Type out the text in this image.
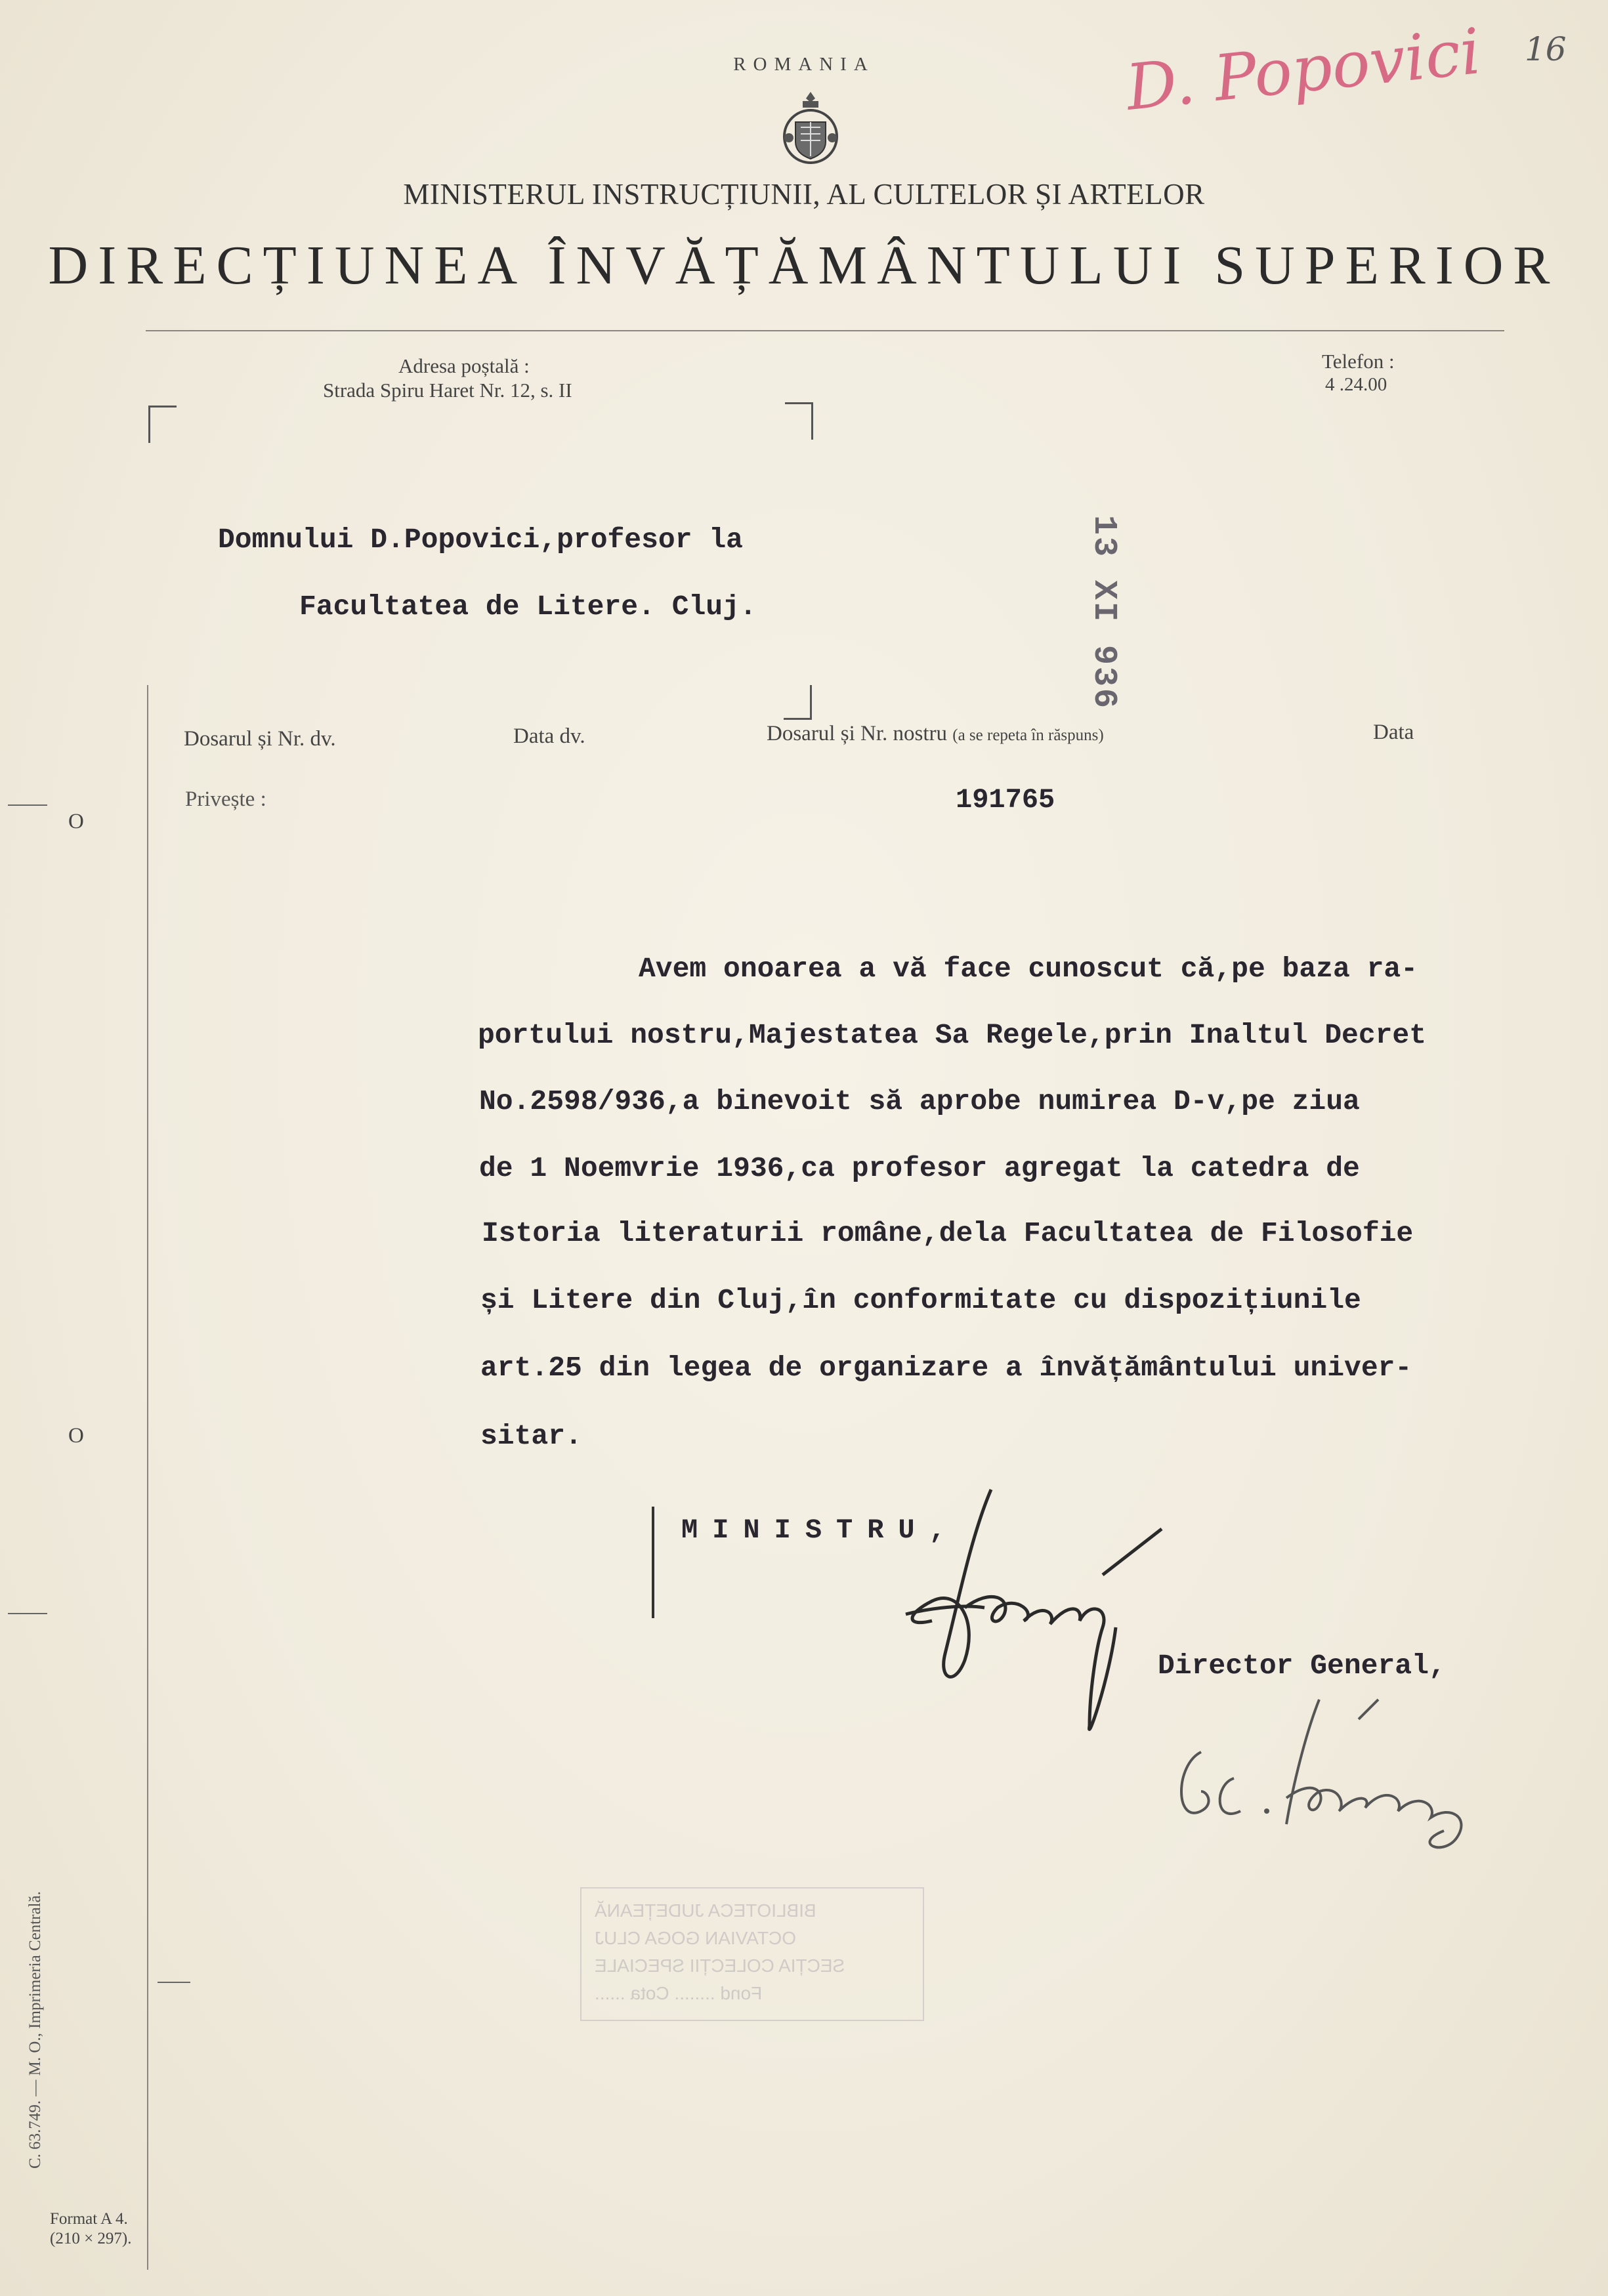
ROMANIA
MINISTERUL INSTRUCȚIUNII, AL CULTELOR ȘI ARTELOR
DIRECȚIUNEA ÎNVĂȚĂMÂNTULUI SUPERIOR
Adresa poștală :
Strada Spiru Haret Nr. 12, s. II
Telefon :
4 .24.00
D. Popovici 16
Domnului D.Popovici,profesor la
Facultatea de Litere. Cluj.	13 XI 936
Dosarul și Nr. dv.	Data dv.	Dosarul și Nr. nostru (a se repeta în răspuns)	Data
Privește :	191765
Avem onoarea a vă face cunoscut că,pe baza ra-
portului nostru,Majestatea Sa Regele,prin Inaltul Decret
No.2598/936,a binevoit să aprobe numirea D-v,pe ziua
de 1 Noemvrie 1936,ca profesor agregat la catedra de
Istoria literaturii române,dela Facultatea de Filosofie
și Litere din Cluj,în conformitate cu dispozițiunile
art.25 din legea de organizare a învățământului univer-
sitar.
MINISTRU,
Director General,
BIBLIOTECA JUDEȚEANĂ
OCTAVIAN GOGA CLUJ
SECȚIA COLECȚII SPECIALE
Fond ........ Cota ......
O
O
C. 63.749. — M. O., Imprimeria Centrală.
Format A 4.
(210 × 297).
